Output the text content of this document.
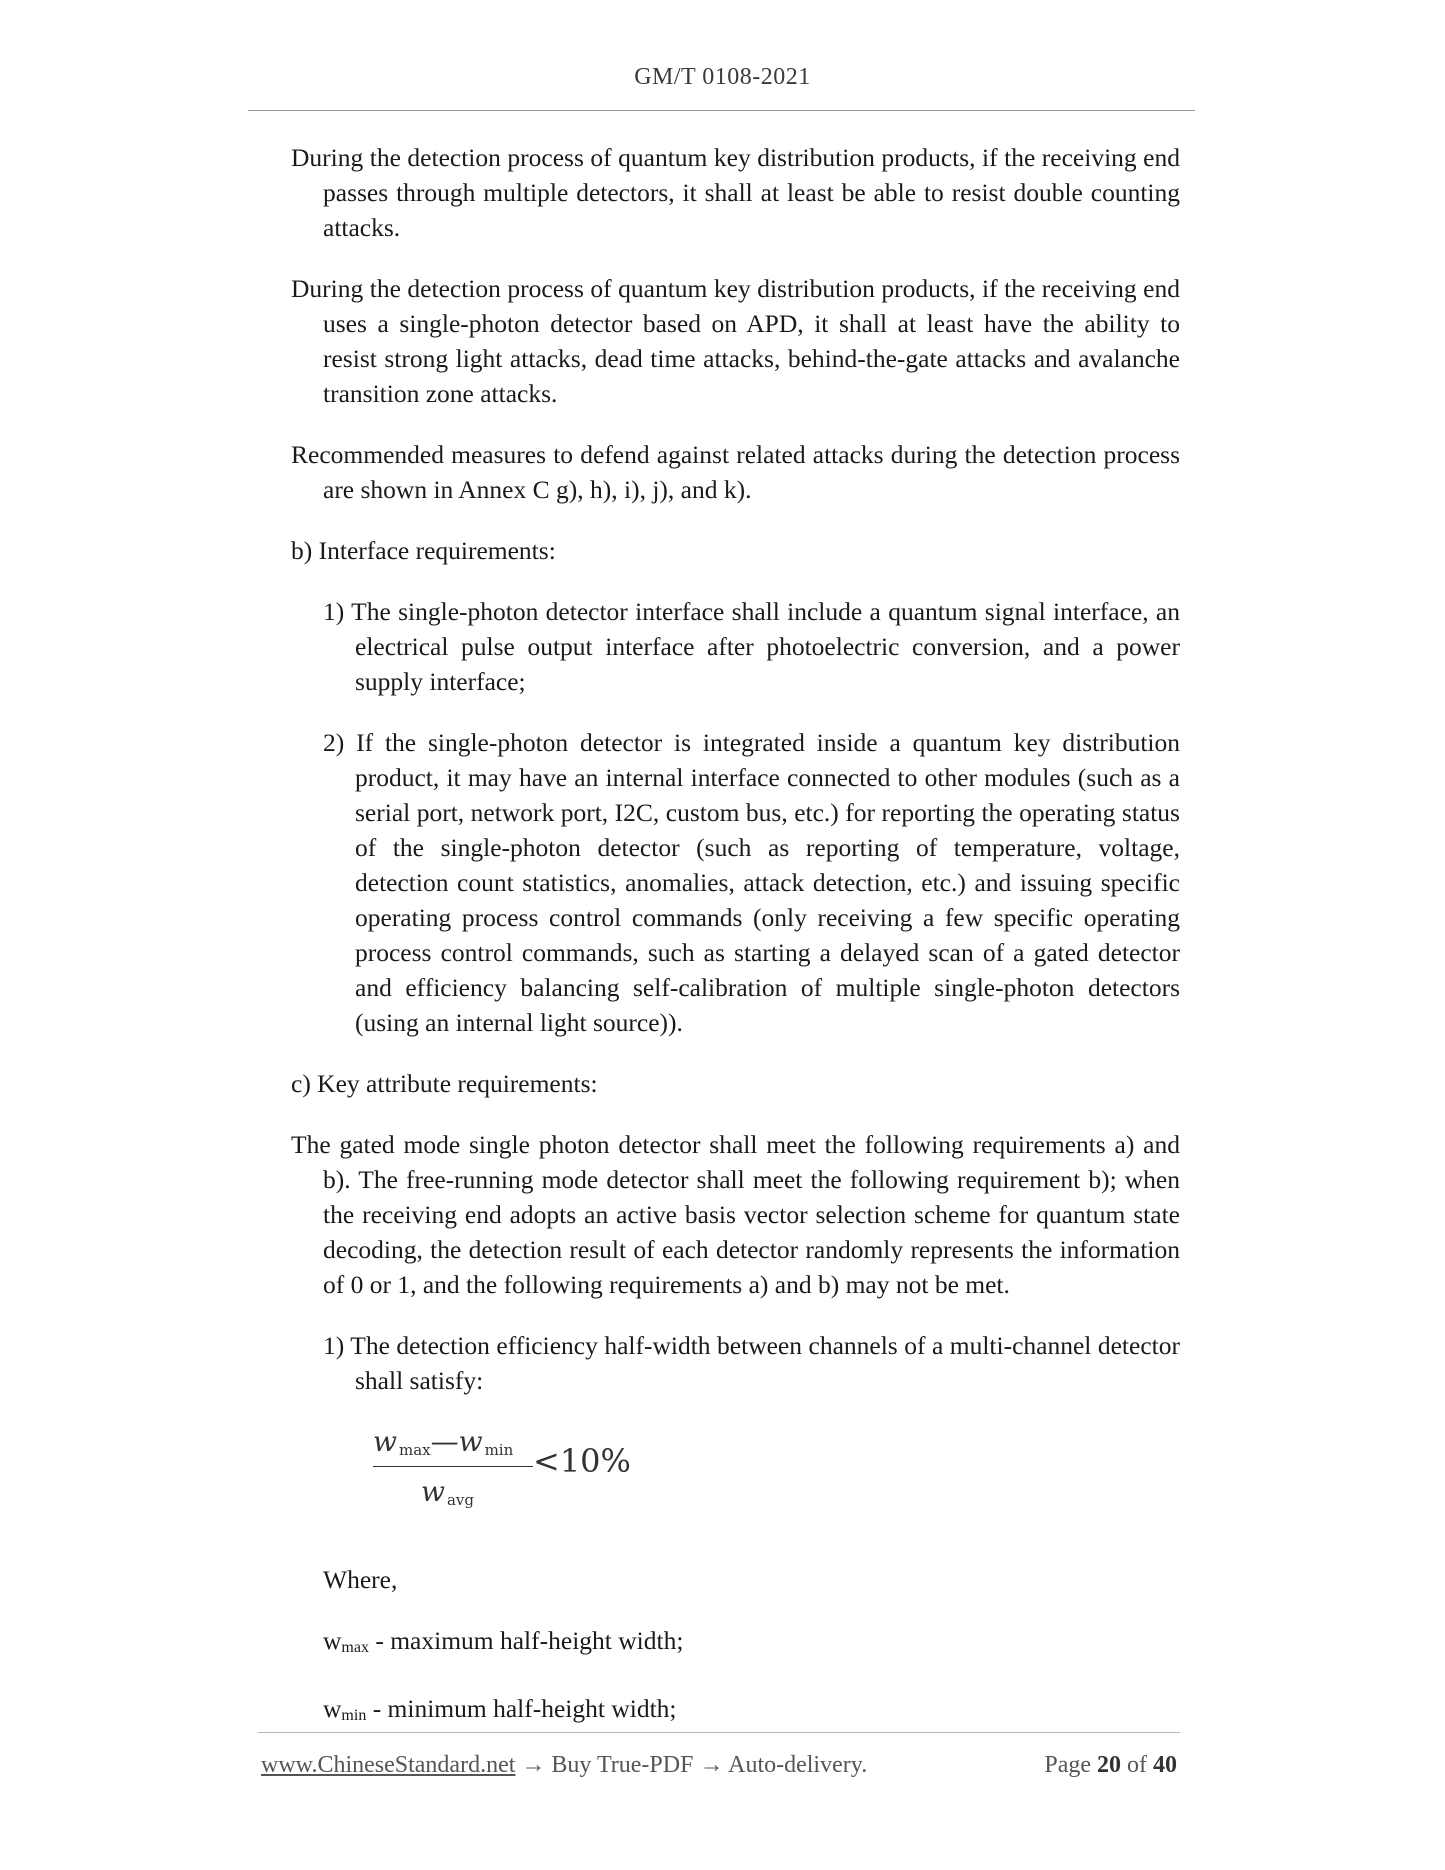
GM/T 0108-2021

During the detection process of quantum key distribution products, if the receiving end passes through multiple detectors, it shall at least be able to resist double counting attacks.

During the detection process of quantum key distribution products, if the receiving end uses a single-photon detector based on APD, it shall at least have the ability to resist strong light attacks, dead time attacks, behind-the-gate attacks and avalanche transition zone attacks.

Recommended measures to defend against related attacks during the detection process are shown in Annex C g), h), i), j), and k).

b) Interface requirements:

1) The single-photon detector interface shall include a quantum signal interface, an electrical pulse output interface after photoelectric conversion, and a power supply interface;

2) If the single-photon detector is integrated inside a quantum key distribution product, it may have an internal interface connected to other modules (such as a serial port, network port, I2C, custom bus, etc.) for reporting the operating status of the single-photon detector (such as reporting of temperature, voltage, detection count statistics, anomalies, attack detection, etc.) and issuing specific operating process control commands (only receiving a few specific operating process control commands, such as starting a delayed scan of a gated detector and efficiency balancing self-calibration of multiple single-photon detectors (using an internal light source)).

c) Key attribute requirements:

The gated mode single photon detector shall meet the following requirements a) and b). The free-running mode detector shall meet the following requirement b); when the receiving end adopts an active basis vector selection scheme for quantum state decoding, the detection result of each detector randomly represents the information of 0 or 1, and the following requirements a) and b) may not be met.

1) The detection efficiency half-width between channels of a multi-channel detector shall satisfy:

w $_{max}$—w $_{min}$
w $_{avg}$
<10%

Where,

wmax - maximum half-height width;

wmin - minimum half-height width;

www.ChineseStandard.net → Buy True-PDF → Auto-delivery.	Page 20 of 40
